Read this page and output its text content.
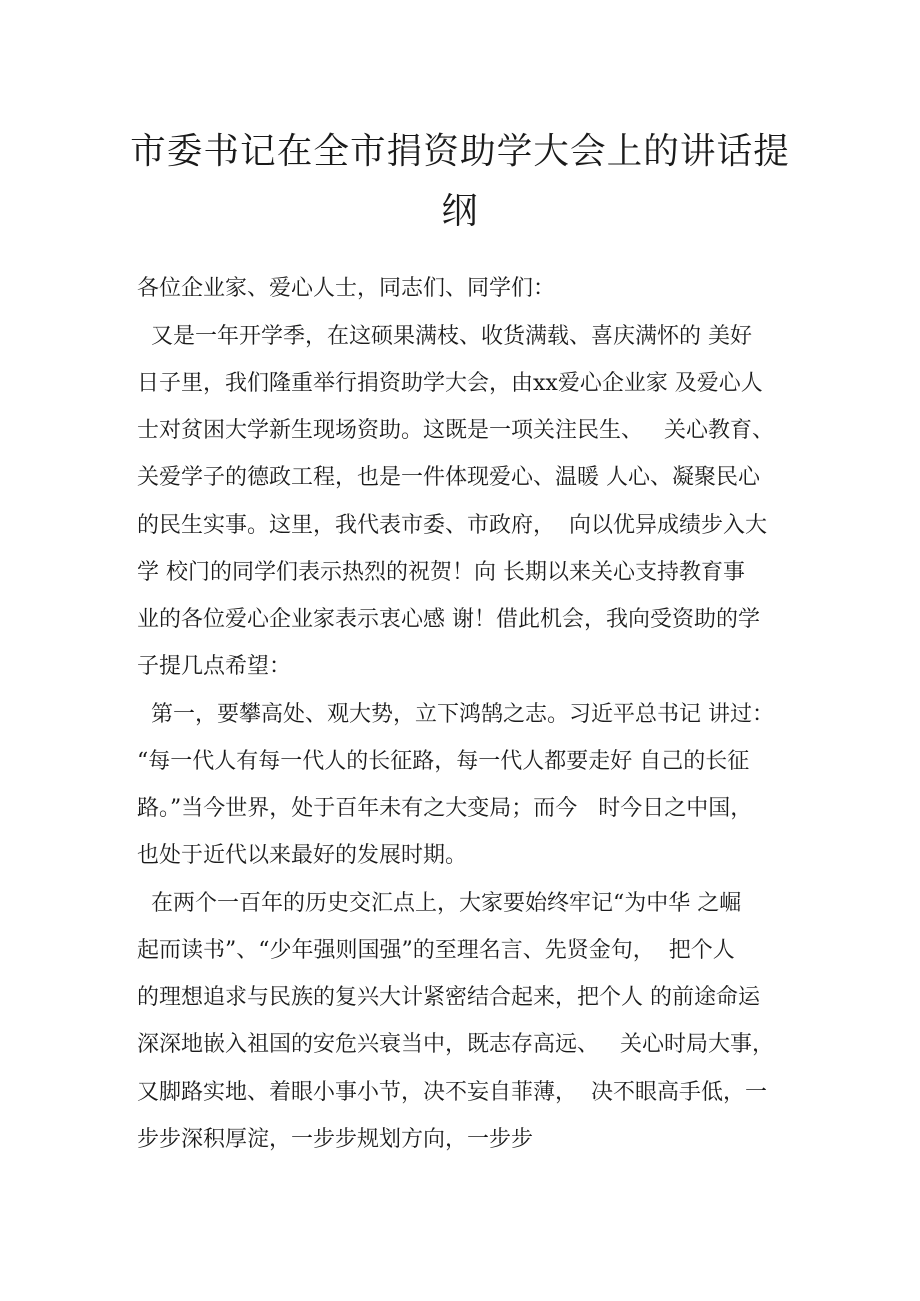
市委书记在全市捐资助学大会上的讲话提
纲

各位企业家、爱心人士，同志们、同学们：

又是一年开学季，在这硕果满枝、收货满载、喜庆满怀的 美好

日子里，我们隆重举行捐资助学大会，由xx爱心企业家 及爱心人

士对贫困大学新生现场资助。这既是一项关注民生、   关心教育、

关爱学子的德政工程，也是一件体现爱心、温暖 人心、凝聚民心

的民生实事。这里，我代表市委、市政府，  向以优异成绩步入大

学 校门的同学们表示热烈的祝贺！向 长期以来关心支持教育事

业的各位爱心企业家表示衷心感 谢！借此机会，我向受资助的学

子提几点希望：

第一，要攀高处、观大势，立下鸿鹄之志。习近平总书记 讲过：

“每一代人有每一代人的长征路，每一代人都要走好 自己的长征

路。”当今世界，处于百年未有之大变局；而今   时今日之中国，

也处于近代以来最好的发展时期。

在两个一百年的历史交汇点上，大家要始终牢记“为中华 之崛

起而读书”、“少年强则国强”的至理名言、先贤金句，  把个人

的理想追求与民族的复兴大计紧密结合起来，把个人 的前途命运

深深地嵌入祖国的安危兴衰当中，既志存高远、   关心时局大事，

又脚路实地、着眼小事小节，决不妄自菲薄，  决不眼高手低，一

步步深积厚淀，一步步规划方向，一步步
